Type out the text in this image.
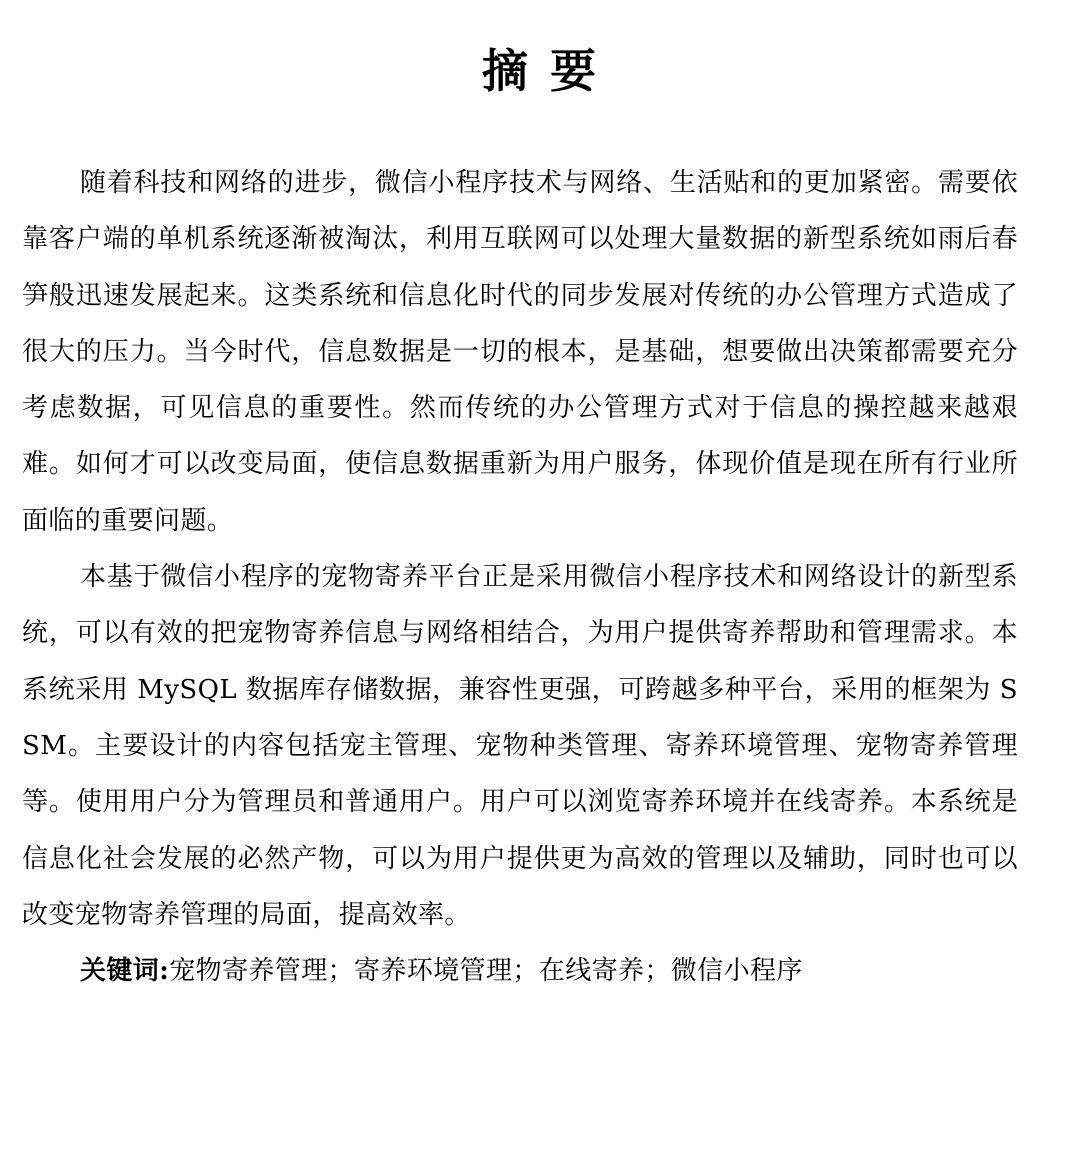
摘要

随着科技和网络的进步，微信小程序技术与网络、生活贴和的更加紧密。需要依靠客户端的单机系统逐渐被淘汰，利用互联网可以处理大量数据的新型系统如雨后春笋般迅速发展起来。这类系统和信息化时代的同步发展对传统的办公管理方式造成了很大的压力。当今时代，信息数据是一切的根本，是基础，想要做出决策都需要充分考虑数据，可见信息的重要性。然而传统的办公管理方式对于信息的操控越来越艰难。如何才可以改变局面，使信息数据重新为用户服务，体现价值是现在所有行业所面临的重要问题。

本基于微信小程序的宠物寄养平台正是采用微信小程序技术和网络设计的新型系统，可以有效的把宠物寄养信息与网络相结合，为用户提供寄养帮助和管理需求。本系统采用 MySQL 数据库存储数据，兼容性更强，可跨越多种平台，采用的框架为 SSM。主要设计的内容包括宠主管理、宠物种类管理、寄养环境管理、宠物寄养管理等。使用用户分为管理员和普通用户。用户可以浏览寄养环境并在线寄养。本系统是信息化社会发展的必然产物，可以为用户提供更为高效的管理以及辅助，同时也可以改变宠物寄养管理的局面，提高效率。

关键词:宠物寄养管理；寄养环境管理；在线寄养；微信小程序
